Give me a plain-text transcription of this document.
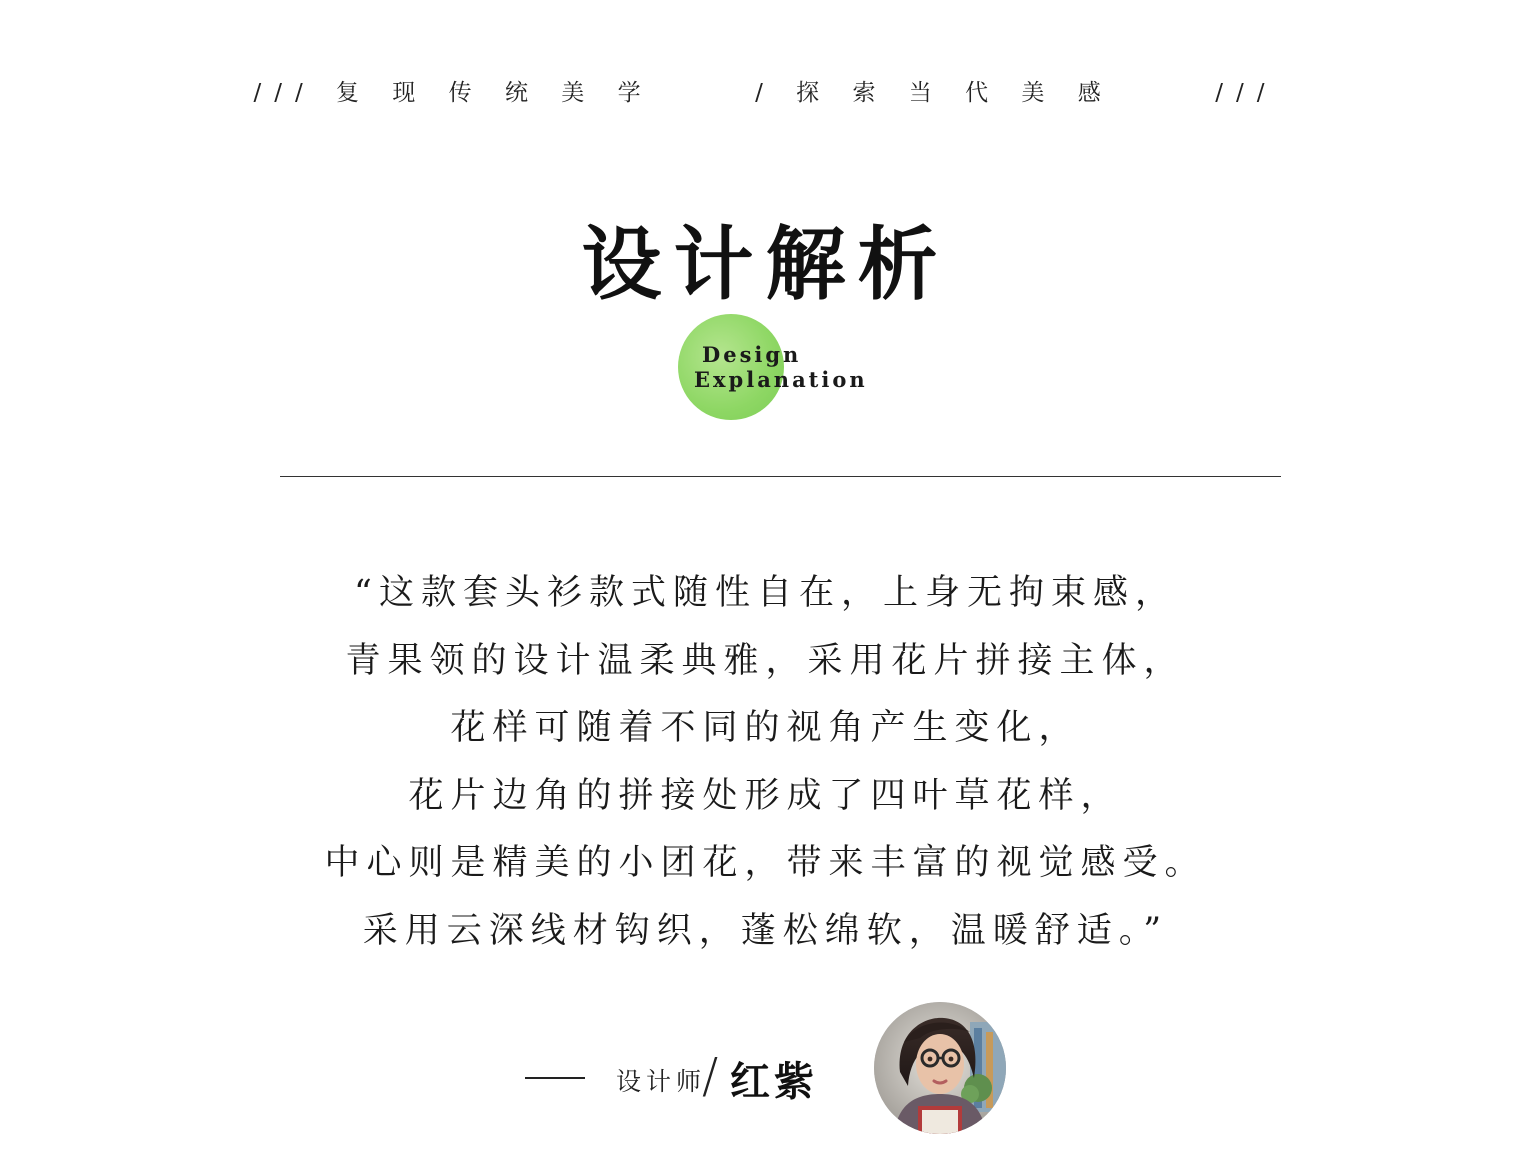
/// 复 现 传 统 美 学     / 探 索 当 代 美 感     ///
设计解析
Design
Explanation
“这款套头衫款式随性自在，上身无拘束感，
青果领的设计温柔典雅，采用花片拼接主体，
花样可随着不同的视角产生变化，
花片边角的拼接处形成了四叶草花样，
中心则是精美的小团花，带来丰富的视觉感受。
采用云深线材钩织，蓬松绵软，温暖舒适。”
设计师
/ 红紫
